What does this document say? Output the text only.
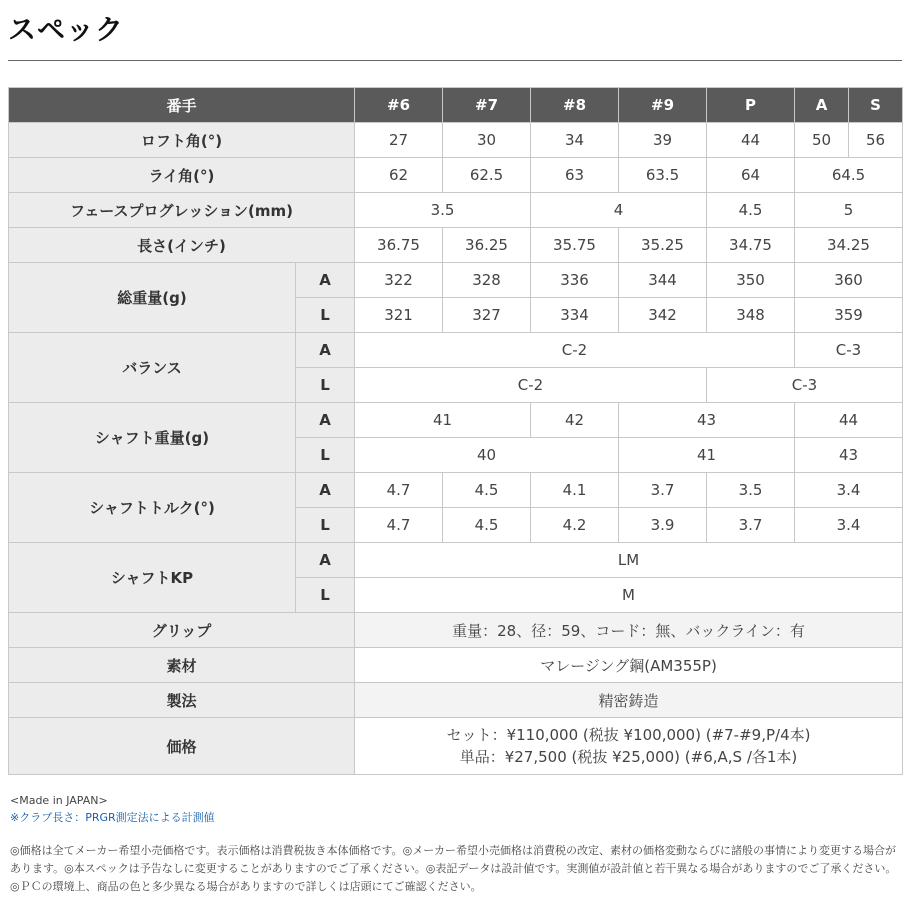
スペック
番手		#6	#7	#8	#9	P	A	S
ロフト角(°)		27	30	34	39	44	50	56
ライ角(°)		62	62.5	63	63.5	64	64.5	
フェースプログレッション(mm)		3.5		4		4.5	5	
長さ(インチ)		36.75	36.25	35.75	35.25	34.75	34.25	
総重量(g)	A	322	328	336	344	350	360	
	L	321	327	334	342	348	359	
バランス	A	C-2					C-3	
	L	C-2				C-3		
シャフト重量(g)	A	41		42	43		44	
	L	40			41		43	
シャフトトルク(°)	A	4.7	4.5	4.1	3.7	3.5	3.4	
	L	4.7	4.5	4.2	3.9	3.7	3.4	
シャフトKP	A	LM						
	L	M						
グリップ		重量：28、径：59、コード：無、バックライン：有						
素材		マレージング鋼(AM355P)						
製法		精密鋳造						
価格		セット：¥110,000 (税抜 ¥100,000) (#7-#9,P/4本)
単品：¥27,500 (税抜 ¥25,000) (#6,A,S /各1本)						
<Made in JAPAN>
※クラブ長さ：PRGR測定法による計測値
◎価格は全てメーカー希望小売価格です。表示価格は消費税抜き本体価格です。◎メーカー希望小売価格は消費税の改定、素材の価格変動ならびに諸般の事情により変更する場合があります。◎本スペックは予告なしに変更することがありますのでご了承ください。◎表記データは設計値です。実測値が設計値と若干異なる場合がありますのでご了承ください。◎ＰＣの環境上、商品の色と多少異なる場合がありますので詳しくは店頭にてご確認ください。
